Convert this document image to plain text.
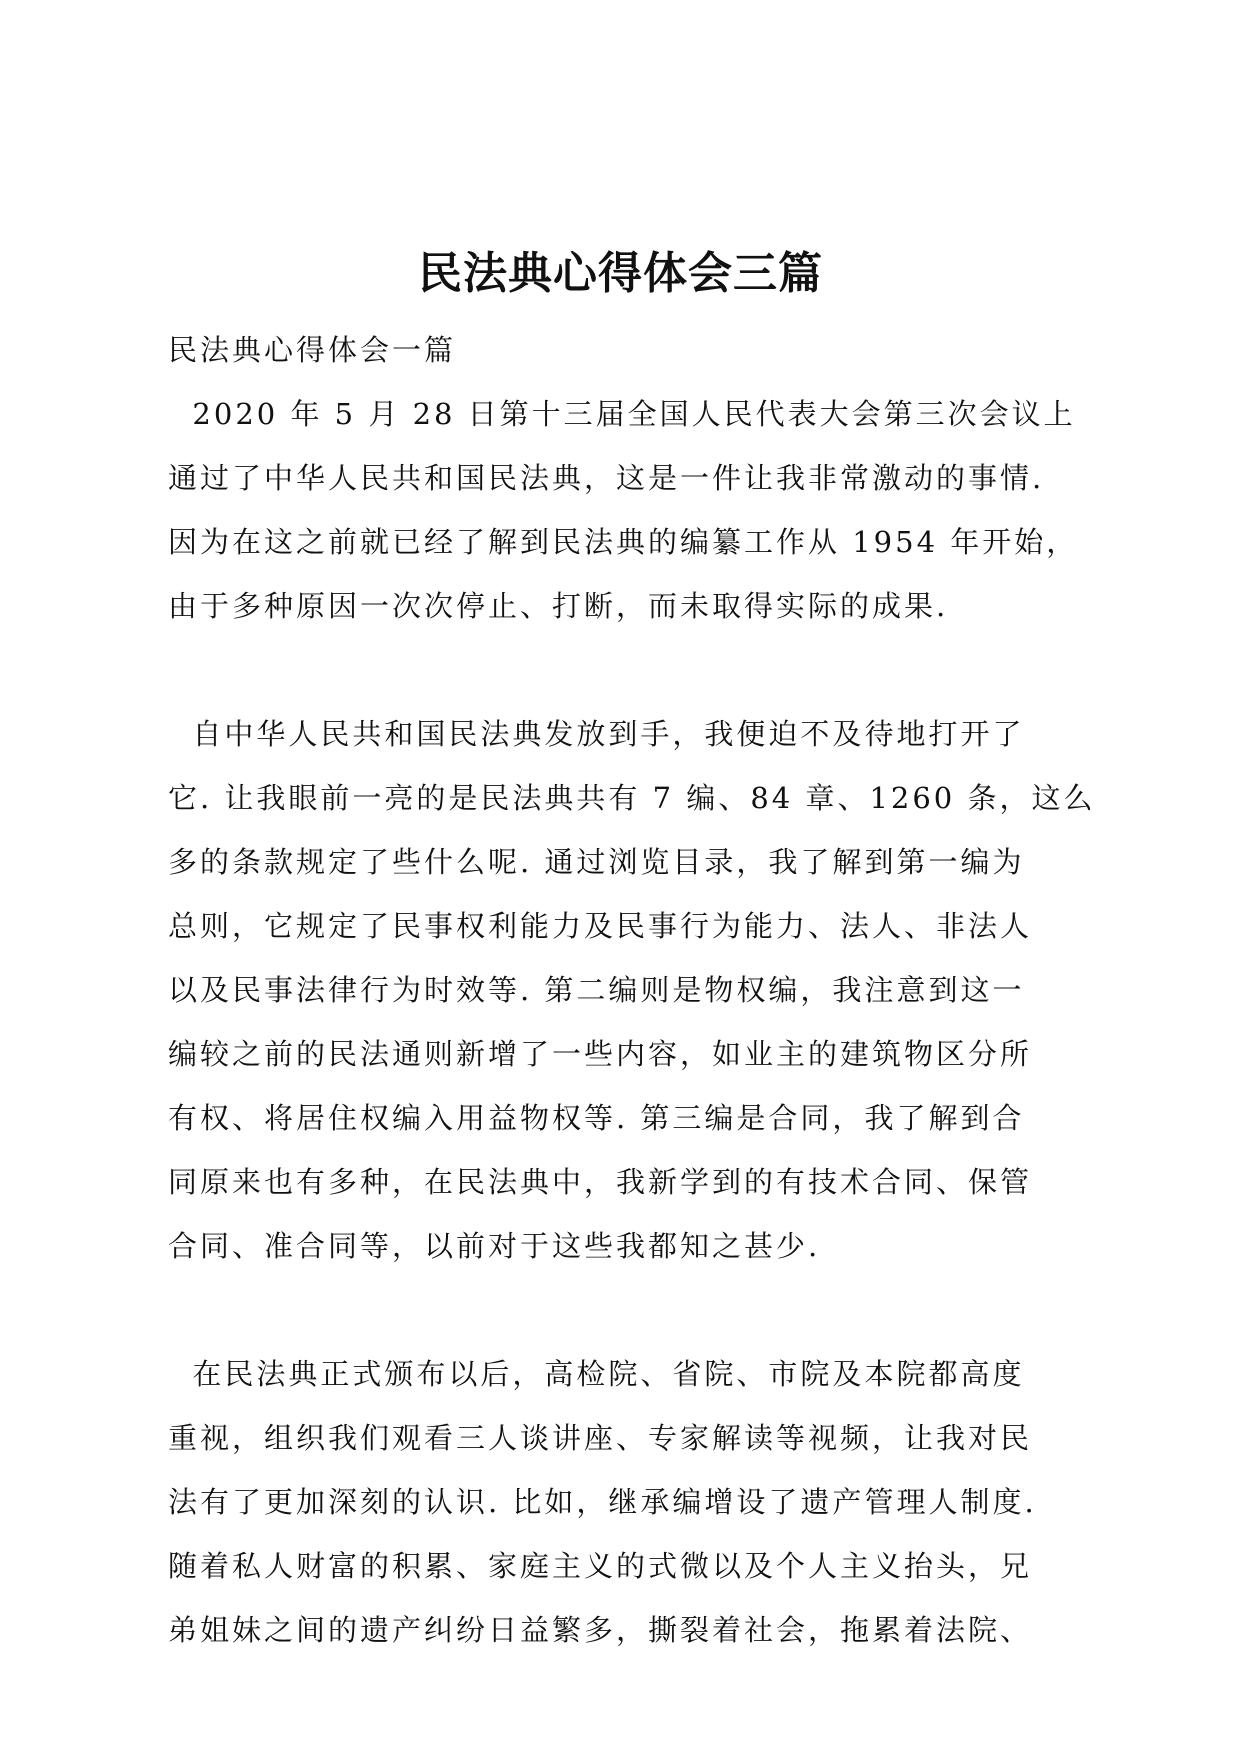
民法典心得体会三篇

民法典心得体会一篇

2020 年 5 月 28 日第十三届全国人民代表大会第三次会议上

通过了中华人民共和国民法典，这是一件让我非常激动的事情.

因为在这之前就已经了解到民法典的编纂工作从 1954 年开始，

由于多种原因一次次停止、打断，而未取得实际的成果.

自中华人民共和国民法典发放到手，我便迫不及待地打开了

它. 让我眼前一亮的是民法典共有 7 编、84 章、1260 条，这么

多的条款规定了些什么呢. 通过浏览目录，我了解到第一编为

总则，它规定了民事权利能力及民事行为能力、法人、非法人

以及民事法律行为时效等. 第二编则是物权编，我注意到这一

编较之前的民法通则新增了一些内容，如业主的建筑物区分所

有权、将居住权编入用益物权等. 第三编是合同，我了解到合

同原来也有多种，在民法典中，我新学到的有技术合同、保管

合同、准合同等，以前对于这些我都知之甚少.

在民法典正式颁布以后，高检院、省院、市院及本院都高度

重视，组织我们观看三人谈讲座、专家解读等视频，让我对民

法有了更加深刻的认识. 比如，继承编增设了遗产管理人制度.

随着私人财富的积累、家庭主义的式微以及个人主义抬头，兄

弟姐妹之间的遗产纠纷日益繁多，撕裂着社会，拖累着法院、
